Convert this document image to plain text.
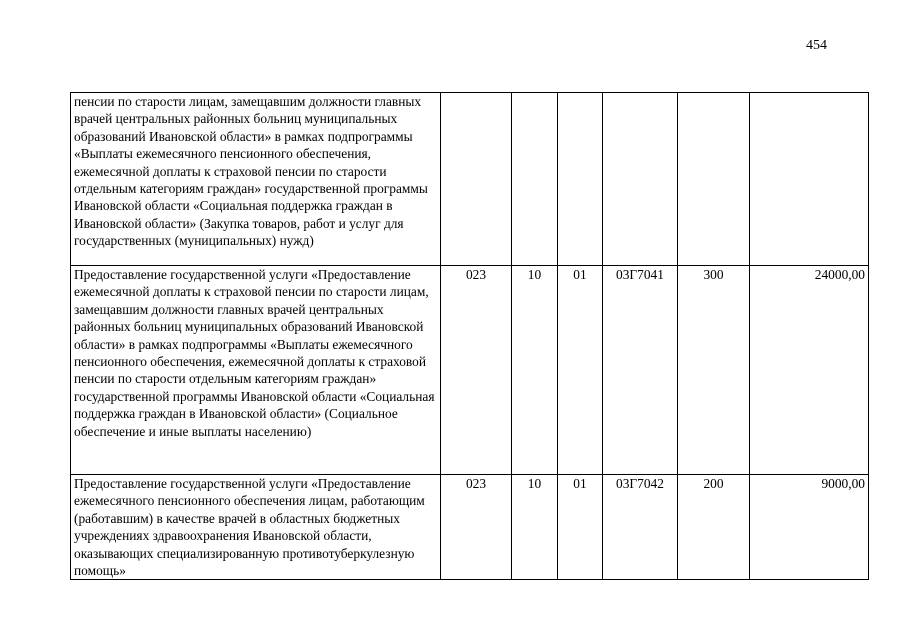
454
пенсии по старости лицам, замещавшим должности главных врачей центральных районных больниц муниципальных образований Ивановской области» в рамках подпрограммы «Выплаты ежемесячного пенсионного обеспечения, ежемесячной доплаты к страховой пенсии по старости отдельным категориям граждан» государственной программы Ивановской области «Социальная поддержка граждан в Ивановской области» (Закупка товаров, работ и услуг для государственных (муниципальных) нужд)						
Предоставление государственной услуги «Предоставление ежемесячной доплаты к страховой пенсии по старости лицам, замещавшим должности главных врачей центральных районных больниц муниципальных образований Ивановской области» в рамках подпрограммы «Выплаты ежемесячного пенсионного обеспечения, ежемесячной доплаты к страховой пенсии по старости отдельным категориям граждан» государственной программы Ивановской области «Социальная поддержка граждан в Ивановской области» (Социальное обеспечение и иные выплаты населению)	023	10	01	03Г7041	300	24000,00
Предоставление государственной услуги «Предоставление ежемесячного пенсионного обеспечения лицам, работающим (работавшим) в качестве врачей в областных бюджетных учреждениях здравоохранения Ивановской области, оказывающих специализированную противотуберкулезную помощь»	023	10	01	03Г7042	200	9000,00
